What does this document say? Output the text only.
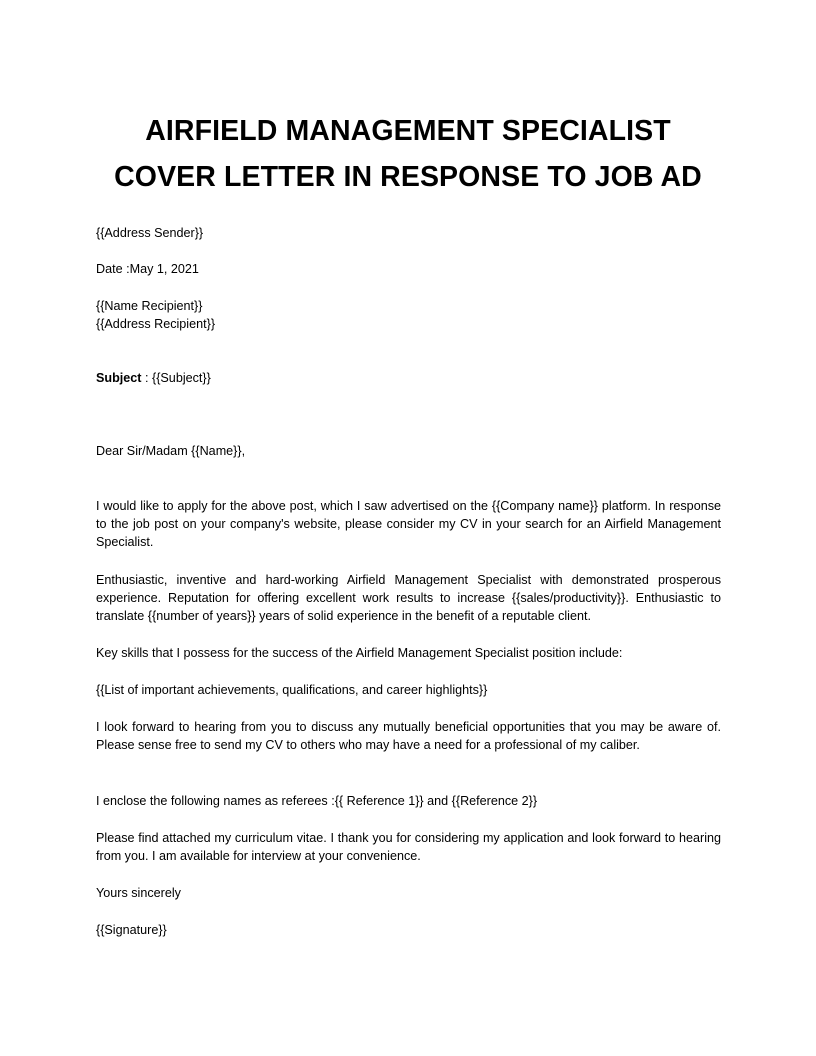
AIRFIELD MANAGEMENT SPECIALIST
COVER LETTER IN RESPONSE TO JOB AD

{{Address Sender}}

Date :May 1, 2021

{{Name Recipient}}

{{Address Recipient}}

Subject : {{Subject}}

Dear Sir/Madam {{Name}},

I would like to apply for the above post, which I saw advertised on the {{Company name}} platform. In response to the job post on your company's website, please consider my CV in your search for an Airfield Management Specialist.

Enthusiastic, inventive and hard-working Airfield Management Specialist with demonstrated prosperous experience. Reputation for offering excellent work results to increase {{sales/productivity}}. Enthusiastic to translate {{number of years}} years of solid experience in the benefit of a reputable client.

Key skills that I possess for the success of the Airfield Management Specialist position include:

{{List of important achievements, qualifications, and career highlights}}

I look forward to hearing from you to discuss any mutually beneficial opportunities that you may be aware of. Please sense free to send my CV to others who may have a need for a professional of my caliber.

I enclose the following names as referees :{{ Reference 1}} and {{Reference 2}}

Please find attached my curriculum vitae. I thank you for considering my application and look forward to hearing from you. I am available for interview at your convenience.

Yours sincerely

{{Signature}}
